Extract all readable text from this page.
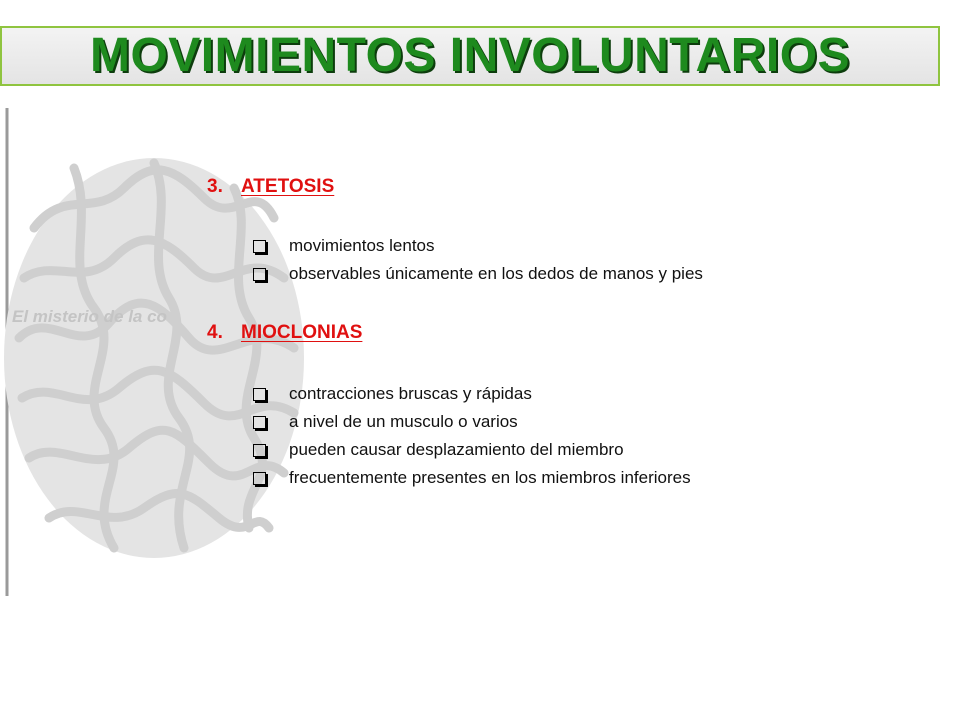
MOVIMIENTOS INVOLUNTARIOS
El misterio de la co
3. ATETOSIS
movimientos lentos
observables únicamente en los dedos de manos y pies
4. MIOCLONIAS
contracciones bruscas y rápidas
a nivel de un musculo o varios
pueden causar desplazamiento del miembro
frecuentemente presentes en los miembros inferiores
